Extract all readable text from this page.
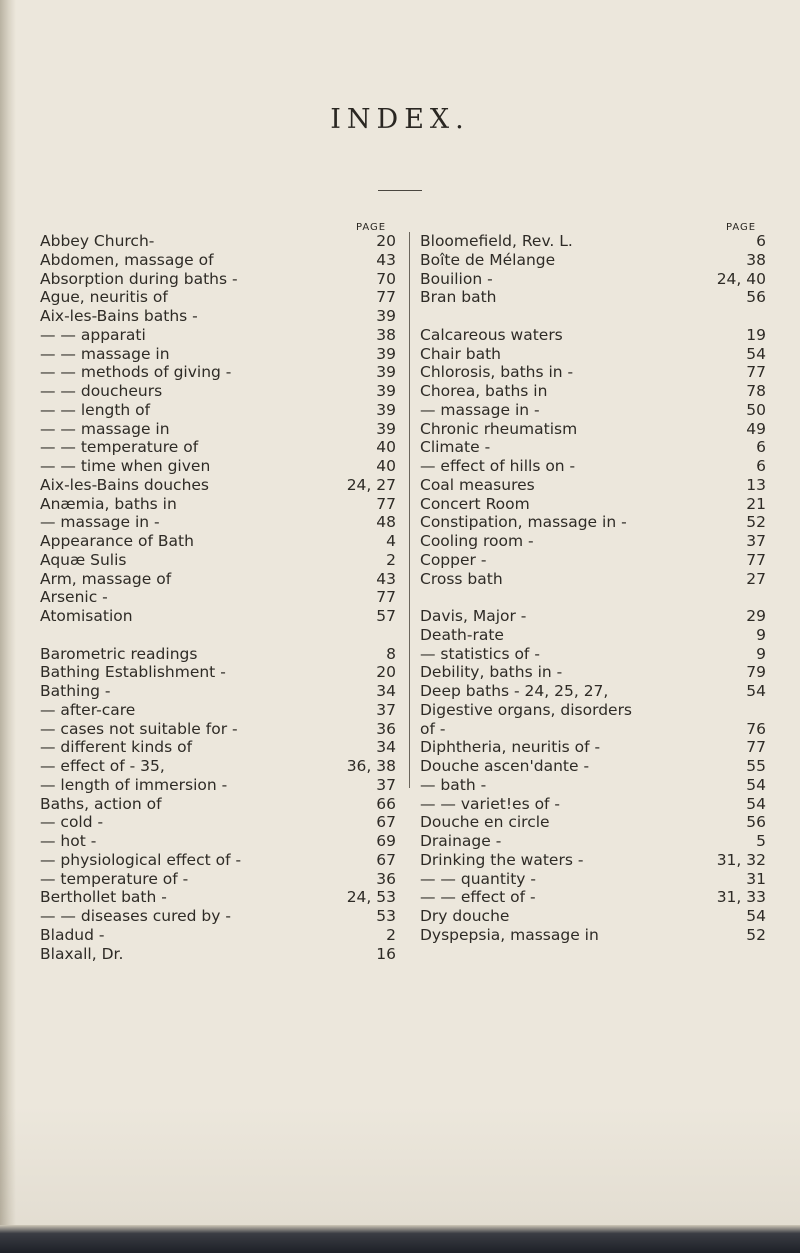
INDEX.
PAGE	PAGE
Abbey Church-	20
Abdomen, massage of	43
Absorption during baths -	70
Ague, neuritis of	77
Aix-les-Bains baths -	39
— — apparati	38
— — massage in	39
— — methods of giving -	39
— — doucheurs	39
— — length of	39
— — massage in	39
— — temperature of	40
— — time when given	40
Aix-les-Bains douches	24, 27
Anæmia, baths in	77
— massage in -	48
Appearance of Bath	4
Aquæ Sulis	2
Arm, massage of	43
Arsenic -	77
Atomisation	57
Barometric readings	8
Bathing Establishment -	20
Bathing -	34
— after-care	37
— cases not suitable for -	36
— different kinds of	34
— effect of - 35,	36, 38
— length of immersion -	37
Baths, action of	66
— cold -	67
— hot -	69
— physiological effect of -	67
— temperature of -	36
Berthollet bath -	24, 53
— — diseases cured by -	53
Bladud -	2
Blaxall, Dr.	16
Bloomefield, Rev. L.	6
Boîte de Mélange	38
Bouilion -	24, 40
Bran bath	56
Calcareous waters	19
Chair bath	54
Chlorosis, baths in -	77
Chorea, baths in	78
— massage in -	50
Chronic rheumatism	49
Climate -	6
— effect of hills on -	6
Coal measures	13
Concert Room	21
Constipation, massage in -	52
Cooling room -	37
Copper -	77
Cross bath	27
Davis, Major -	29
Death-rate	9
— statistics of -	9
Debility, baths in -	79
Deep baths - 24, 25, 27,	54
Digestive organs, disorders
of -	76
Diphtheria, neuritis of -	77
Douche ascen'dante -	55
— bath -	54
— — variet!es of -	54
Douche en circle	56
Drainage -	5
Drinking the waters -	31, 32
— — quantity -	31
— — effect of -	31, 33
Dry douche	54
Dyspepsia, massage in	52
